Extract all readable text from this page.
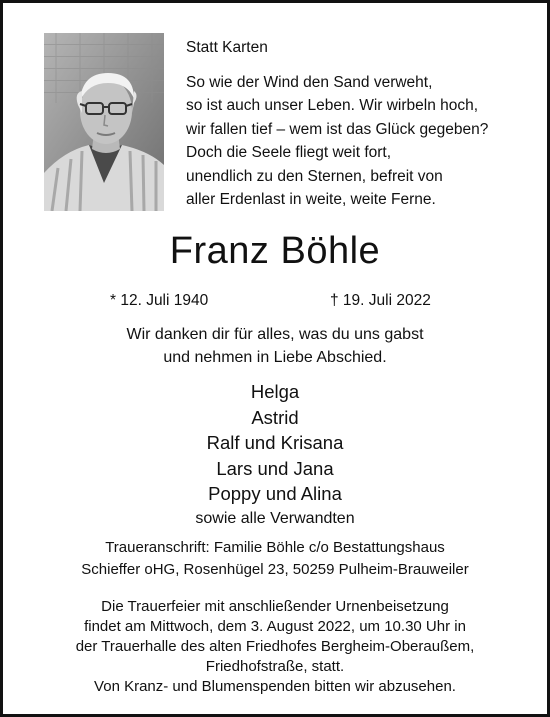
Statt Karten
So wie der Wind den Sand verweht,
so ist auch unser Leben. Wir wirbeln hoch,
wir fallen tief – wem ist das Glück gegeben?
Doch die Seele fliegt weit fort,
unendlich zu den Sternen, befreit von
aller Erdenlast in weite, weite Ferne.
Franz Böhle
* 12. Juli 1940	† 19. Juli 2022
Wir danken dir für alles, was du uns gabst
und nehmen in Liebe Abschied.
Helga
Astrid
Ralf und Krisana
Lars und Jana
Poppy und Alina
sowie alle Verwandten
Traueranschrift: Familie Böhle c/o Bestattungshaus
Schieffer oHG, Rosenhügel 23, 50259 Pulheim-Brauweiler
Die Trauerfeier mit anschließender Urnenbeisetzung
findet am Mittwoch, dem 3. August 2022, um 10.30 Uhr in
der Trauerhalle des alten Friedhofes Bergheim-Oberaußem,
Friedhofstraße, statt.
Von Kranz- und Blumenspenden bitten wir abzusehen.
